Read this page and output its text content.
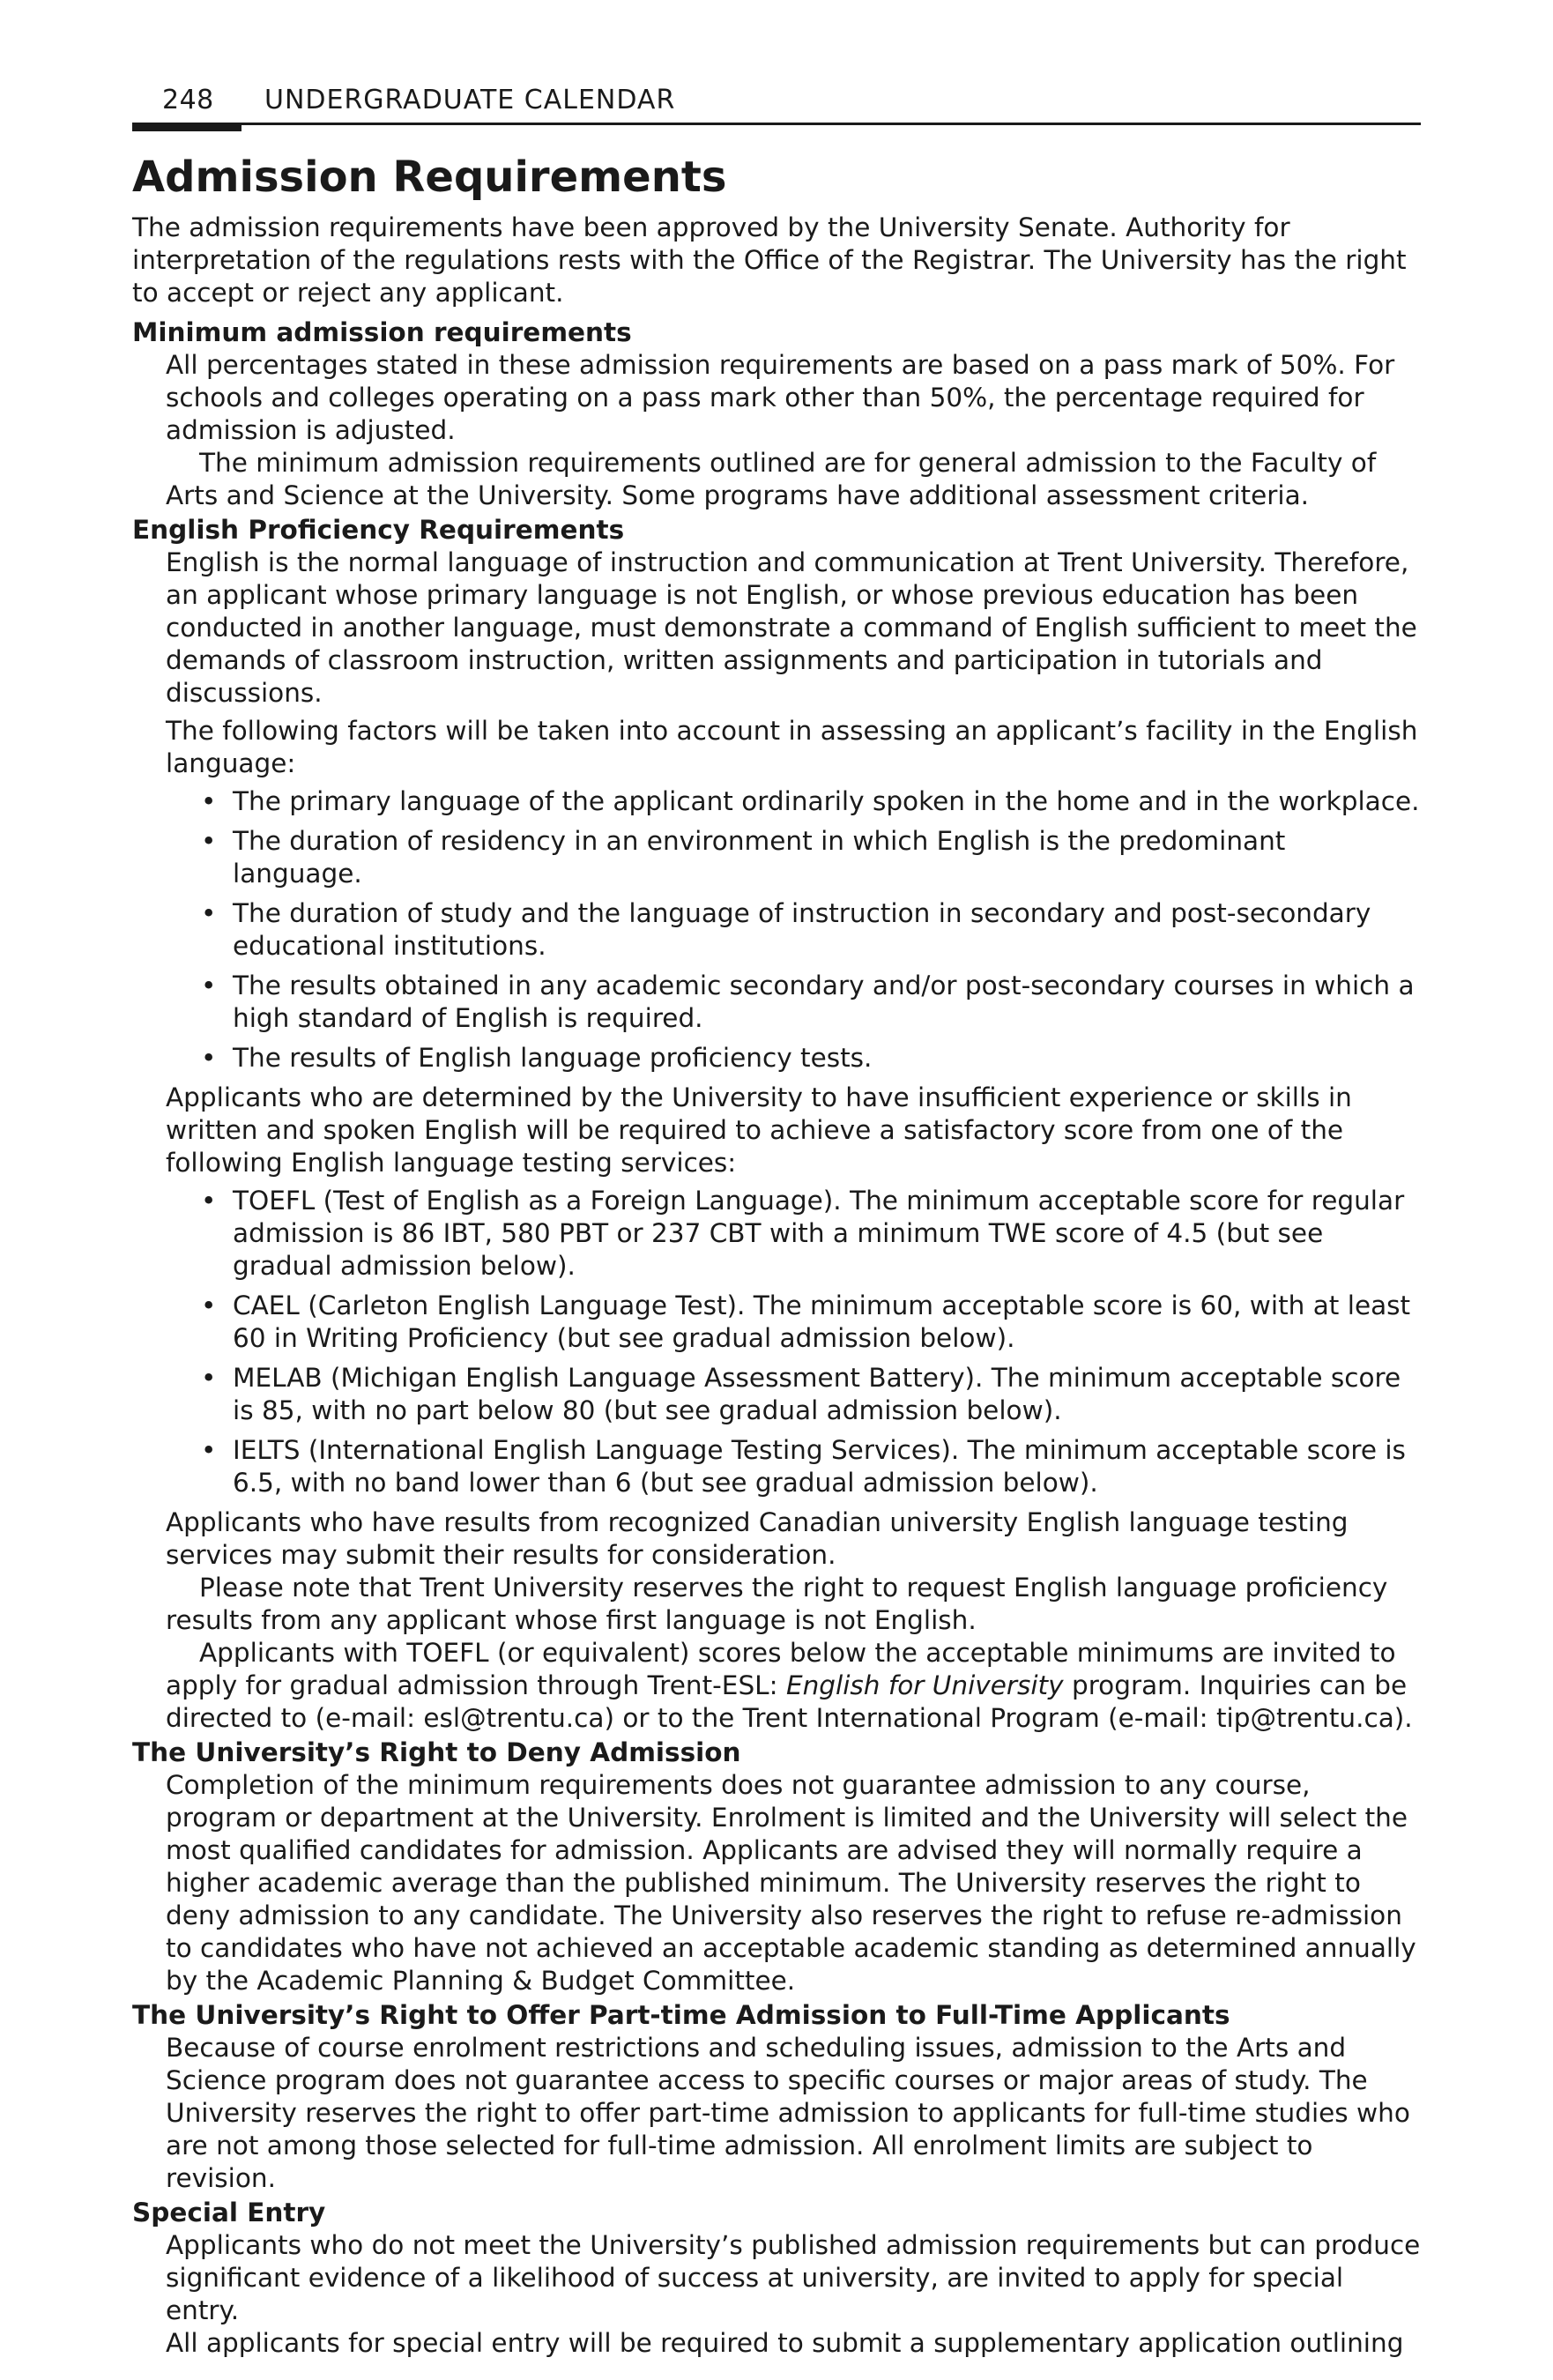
248 UNDERGRADUATE CALENDAR
Admission Requirements

The admission requirements have been approved by the University Senate. Authority for interpretation of the regulations rests with the Office of the Registrar. The University has the right to accept or reject any applicant.

Minimum admission requirements

All percentages stated in these admission requirements are based on a pass mark of 50%. For schools and colleges operating on a pass mark other than 50%, the percentage required for admission is adjusted.

The minimum admission requirements outlined are for general admission to the Faculty of Arts and Science at the University. Some programs have additional assessment criteria.

English Proficiency Requirements

English is the normal language of instruction and communication at Trent University. Therefore, an applicant whose primary language is not English, or whose previous education has been conducted in another language, must demonstrate a command of English sufficient to meet the demands of classroom instruction, written assignments and participation in tutorials and discussions.

The following factors will be taken into account in assessing an applicant’s facility in the English language:

• The primary language of the applicant ordinarily spoken in the home and in the workplace.
• The duration of residency in an environment in which English is the predominant language.
• The duration of study and the language of instruction in secondary and post-secondary educational institutions.
• The results obtained in any academic secondary and/or post-secondary courses in which a high standard of English is required.
• The results of English language proficiency tests.

Applicants who are determined by the University to have insufficient experience or skills in written and spoken English will be required to achieve a satisfactory score from one of the following English language testing services:

• TOEFL (Test of English as a Foreign Language). The minimum acceptable score for regular admission is 86 IBT, 580 PBT or 237 CBT with a minimum TWE score of 4.5 (but see gradual admission below).
• CAEL (Carleton English Language Test). The minimum acceptable score is 60, with at least 60 in Writing Proficiency (but see gradual admission below).
• MELAB (Michigan English Language Assessment Battery). The minimum acceptable score is 85, with no part below 80 (but see gradual admission below).
• IELTS (International English Language Testing Services). The minimum acceptable score is 6.5, with no band lower than 6 (but see gradual admission below).

Applicants who have results from recognized Canadian university English language testing services may submit their results for consideration.

Please note that Trent University reserves the right to request English language proficiency results from any applicant whose first language is not English.

Applicants with TOEFL (or equivalent) scores below the acceptable minimums are invited to apply for gradual admission through Trent-ESL: English for University program. Inquiries can be directed to (e-mail: esl@trentu.ca) or to the Trent International Program (e-mail: tip@trentu.ca).

The University’s Right to Deny Admission

Completion of the minimum requirements does not guarantee admission to any course, program or department at the University. Enrolment is limited and the University will select the most qualified candidates for admission. Applicants are advised they will normally require a higher academic average than the published minimum. The University reserves the right to deny admission to any candidate. The University also reserves the right to refuse re-admission to candidates who have not achieved an acceptable academic standing as determined annually by the Academic Planning & Budget Committee.

The University’s Right to Offer Part-time Admission to Full-Time Applicants

Because of course enrolment restrictions and scheduling issues, admission to the Arts and Science program does not guarantee access to specific courses or major areas of study. The University reserves the right to offer part-time admission to applicants for full-time studies who are not among those selected for full-time admission. All enrolment limits are subject to revision.

Special Entry

Applicants who do not meet the University’s published admission requirements but can produce significant evidence of a likelihood of success at university, are invited to apply for special entry.

All applicants for special entry will be required to submit a supplementary application outlining
